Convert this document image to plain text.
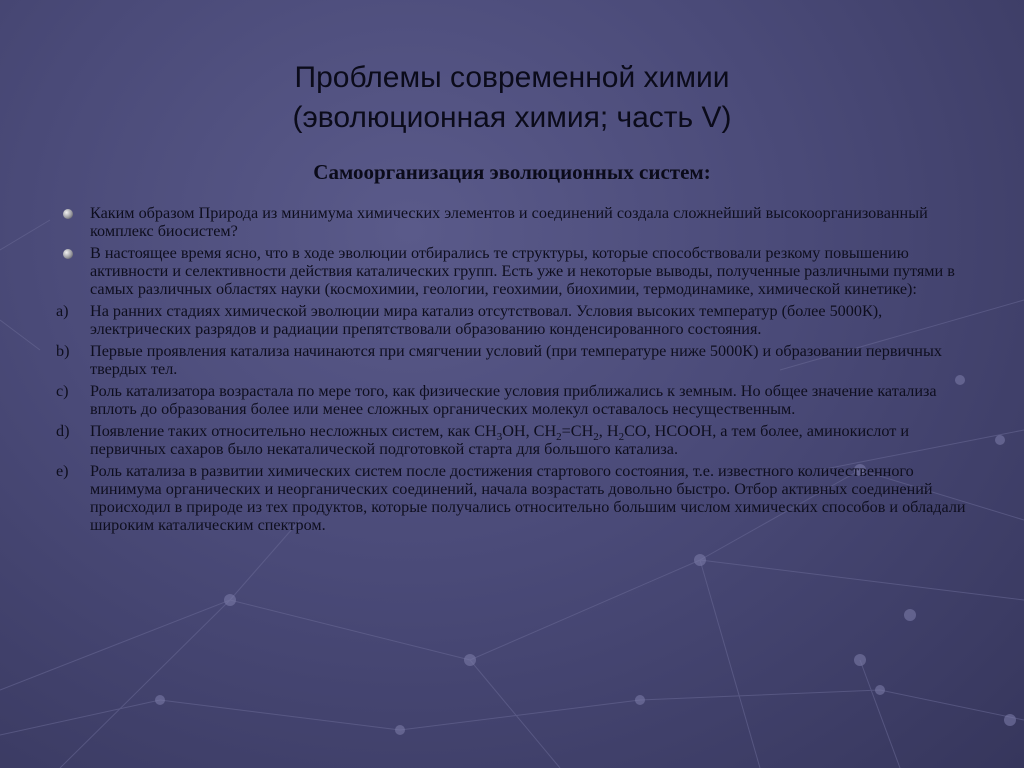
Проблемы современной химии
(эволюционная химия; часть V)
Самоорганизация эволюционных систем:
Каким образом Природа из минимума химических элементов и соединений создала сложнейший высокоорганизованный комплекс биосистем?
В настоящее время ясно, что в ходе эволюции отбирались те структуры, которые способствовали резкому повышению активности и селективности действия каталических групп. Есть уже и некоторые выводы, полученные различными путями в самых различных областях науки (космохимии, геологии, геохимии, биохимии, термодинамике, химической кинетике):
a) На ранних стадиях химической эволюции мира катализ отсутствовал. Условия высоких температур (более 5000К), электрических разрядов и радиации препятствовали образованию конденсированного состояния.
b) Первые проявления катализа начинаются при смягчении условий (при температуре ниже 5000К) и образовании первичных твердых тел.
c) Роль катализатора возрастала по мере того, как физические условия приближались к земным. Но общее значение катализа вплоть до образования более или менее сложных органических молекул оставалось несущественным.
d) Появление таких относительно несложных систем, как $CH_3OH$, $CH_2=CH_2$, $H_2CO$, HCOOH, а тем более, аминокислот и первичных сахаров было некаталической подготовкой старта для большого катализа.
e) Роль катализа в развитии химических систем после достижения стартового состояния, т.е. известного количественного минимума органических и неорганических соединений, начала возрастать довольно быстро. Отбор активных соединений происходил в природе из тех продуктов, которые получались относительно большим числом химических способов и обладали широким каталическим спектром.
